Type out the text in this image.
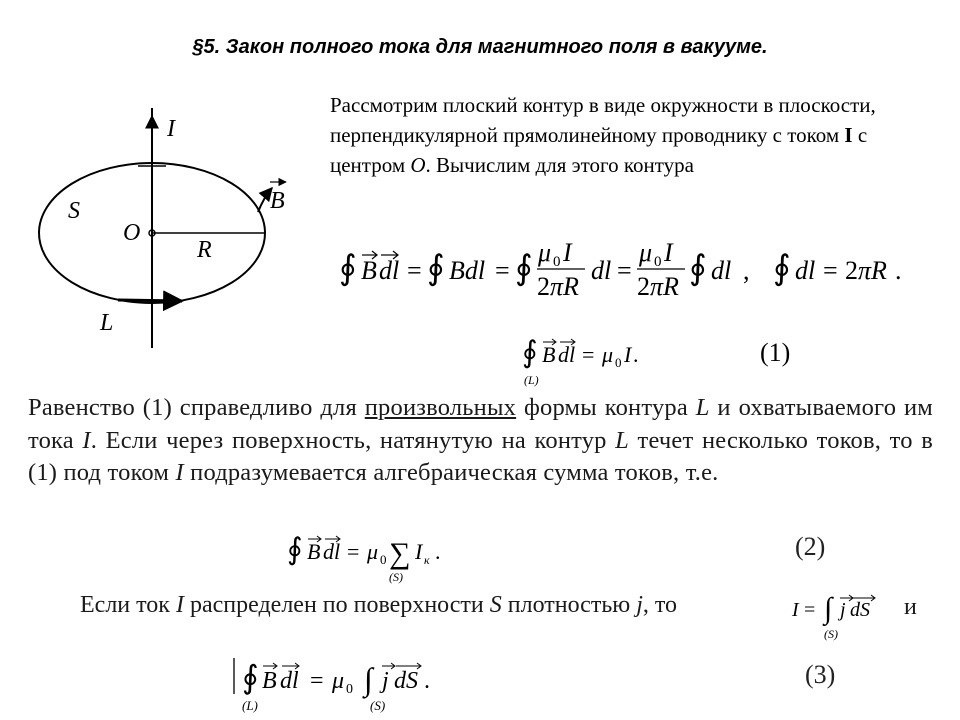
§5. Закон полного тока для магнитного поля в вакууме.
I
B
S
O
R
L
Рассмотрим плоский контур в виде окружности в плоскости, перпендикулярной прямолинейному проводнику с током I с центром O. Вычислим для этого контура
∮ B dl = ∮ Bdl = ∮ μ 0 I
2 πR
dl =
μ 0 I
2 πR ∮ dl , ∮ dl = 2 πR .
∮
(L)
B dl = μ 0 I .	(1)
Равенство (1) справедливо для произвольных формы контура L и охватываемого им тока I. Если через поверхность, натянутую на контур L течет несколько токов, то в (1) под током I подразумевается алгебраическая сумма токов, т.е.
∮ B dl = μ 0 ∑
(S)
I к .	(2)
Если ток I распределен по поверхности S плотностью j, то	I = ∫
(S)
j dS и
∮
(L)
B dl = μ 0 ∫
(S)
j dS .	(3)
